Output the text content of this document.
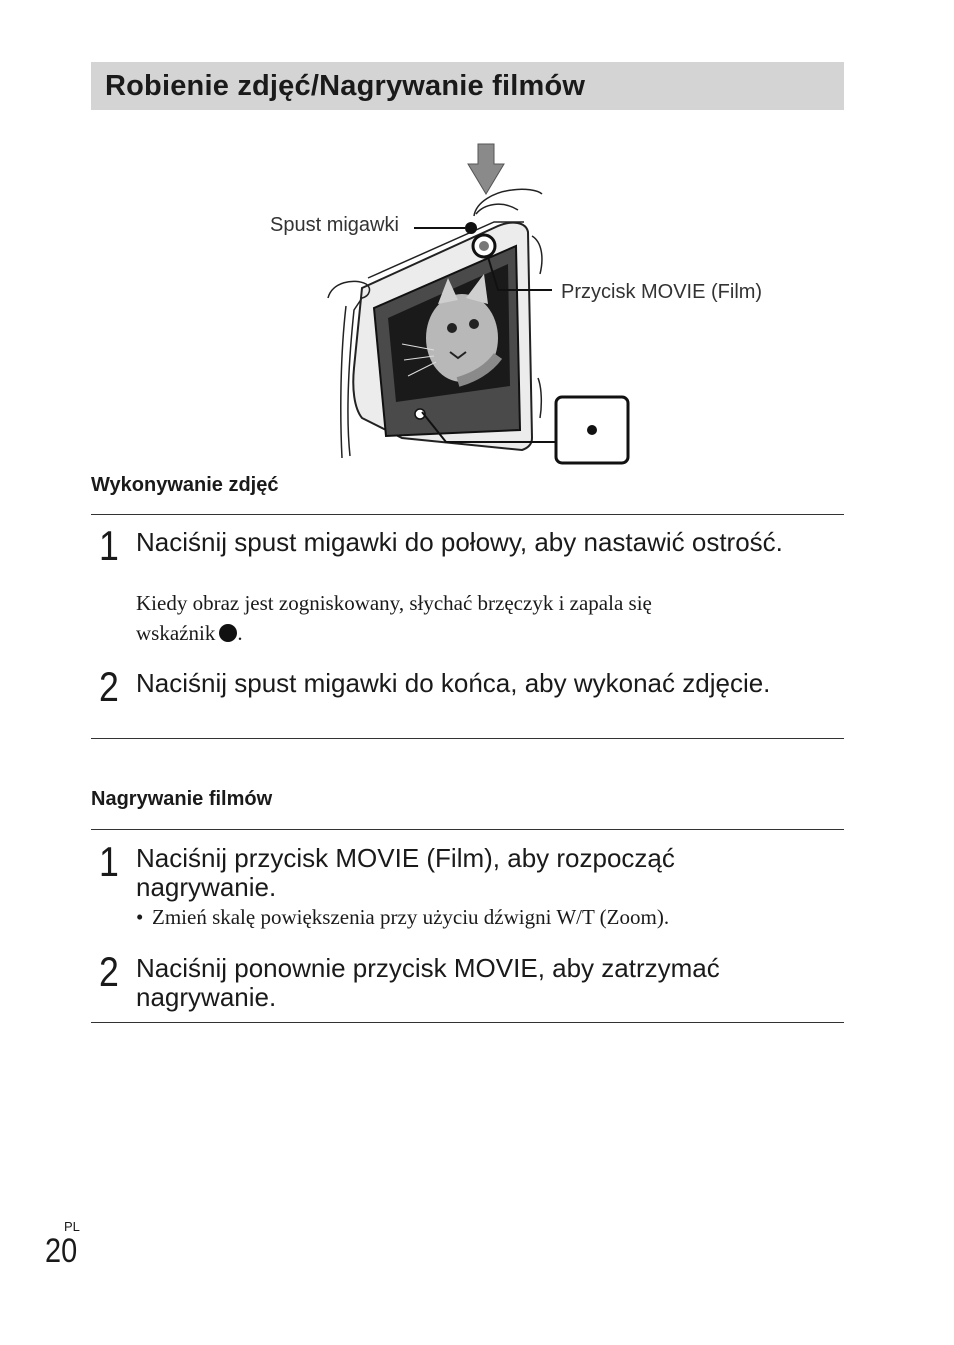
Robienie zdjęć/Nagrywanie filmów
Spust migawki
Przycisk MOVIE (Film)
Wykonywanie zdjęć
1 Naciśnij spust migawki do połowy, aby nastawić ostrość.
Kiedy obraz jest zogniskowany, słychać brzęczyk i zapala się
wskaźnik .
2 Naciśnij spust migawki do końca, aby wykonać zdjęcie.
Nagrywanie filmów
1 Naciśnij przycisk MOVIE (Film), aby rozpocząć nagrywanie.
• Zmień skalę powiększenia przy użyciu dźwigni W/T (Zoom).
2 Naciśnij ponownie przycisk MOVIE, aby zatrzymać nagrywanie.
PL
20
